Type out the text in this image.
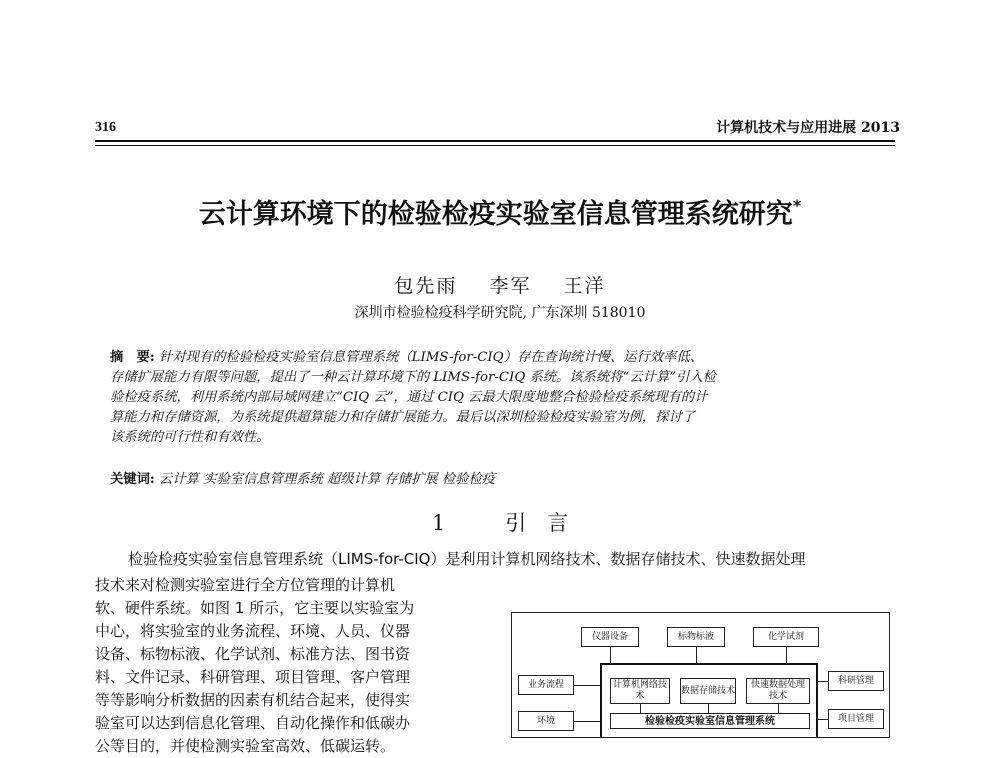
316	计算机技术与应用进展 2013
云计算环境下的检验检疫实验室信息管理系统研究*
包先雨 李军 王洋
深圳市检验检疫科学研究院, 广东深圳 518010
摘　要: 针对现有的检验检疫实验室信息管理系统（LIMS-for-CIQ）存在查询统计慢、运行效率低、
存储扩展能力有限等问题，提出了一种云计算环境下的 LIMS-for-CIQ 系统。该系统将“云计算”引入检
验检疫系统，利用系统内部局域网建立“CIQ 云”，通过 CIQ 云最大限度地整合检验检疫系统现有的计
算能力和存储资源，为系统提供超算能力和存储扩展能力。最后以深圳检验检疫实验室为例，探讨了
该系统的可行性和有效性。
关键词: 云计算 实验室信息管理系统 超级计算 存储扩展 检验检疫
1	引　言
检验检疫实验室信息管理系统（LIMS-for-CIQ）是利用计算机网络技术、数据存储技术、快速数据处理
技术来对检测实验室进行全方位管理的计算机
软、硬件系统。如图 1 所示，它主要以实验室为
中心，将实验室的业务流程、环境、人员、仪器
设备、标物标液、化学试剂、标准方法、图书资
料、文件记录、科研管理、项目管理、客户管理
等等影响分析数据的因素有机结合起来，使得实
验室可以达到信息化管理、自动化操作和低碳办
公等目的，并使检测实验室高效、低碳运转。
仪器设备	标物标液	化学试剂
业务流程
环境
科研管理
项目管理
计算机网络技术
数据存储技术
快速数据处理技术
检验检疫实验室信息管理系统
